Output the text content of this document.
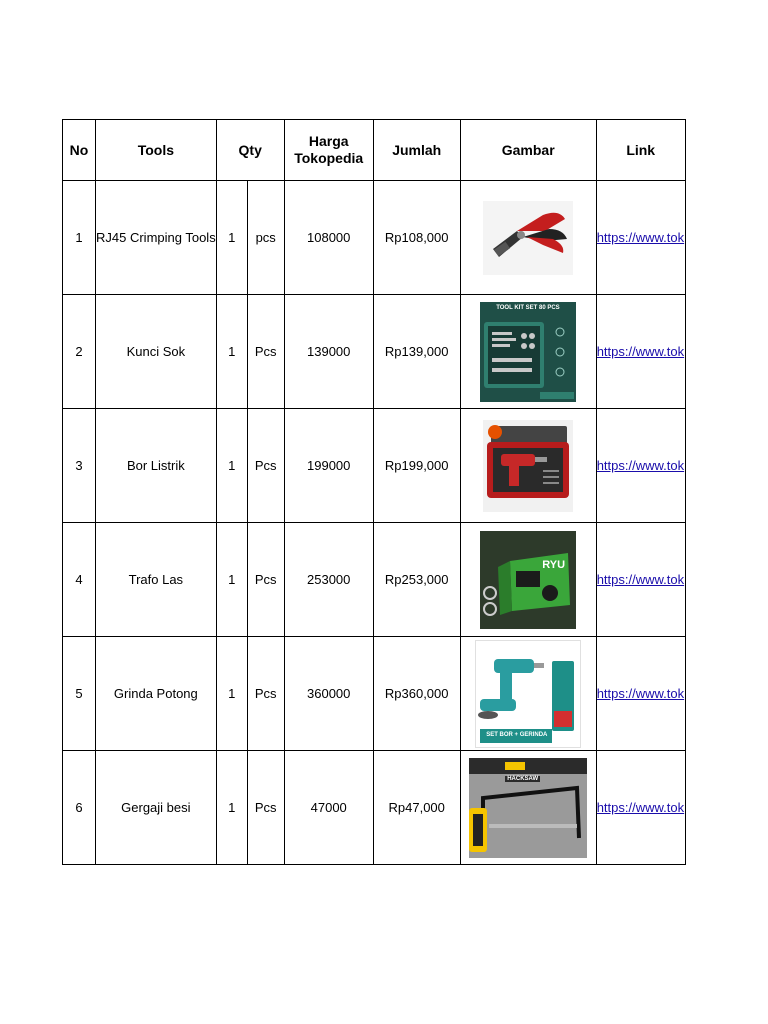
No	Tools	Qty		Harga Tokopedia	Jumlah	Gambar	Link
1	RJ45 Crimping Tools	1	pcs	108000	Rp108,000		https://www.tok
2	Kunci Sok	1	Pcs	139000	Rp139,000	TOOL KIT SET 80 PCS	https://www.tok
3	Bor Listrik	1	Pcs	199000	Rp199,000		https://www.tok
4	Trafo Las	1	Pcs	253000	Rp253,000	RYU	https://www.tok
5	Grinda Potong	1	Pcs	360000	Rp360,000	SET BOR + GERINDA	https://www.tok
6	Gergaji besi	1	Pcs	47000	Rp47,000	HACKSAW	https://www.tok
